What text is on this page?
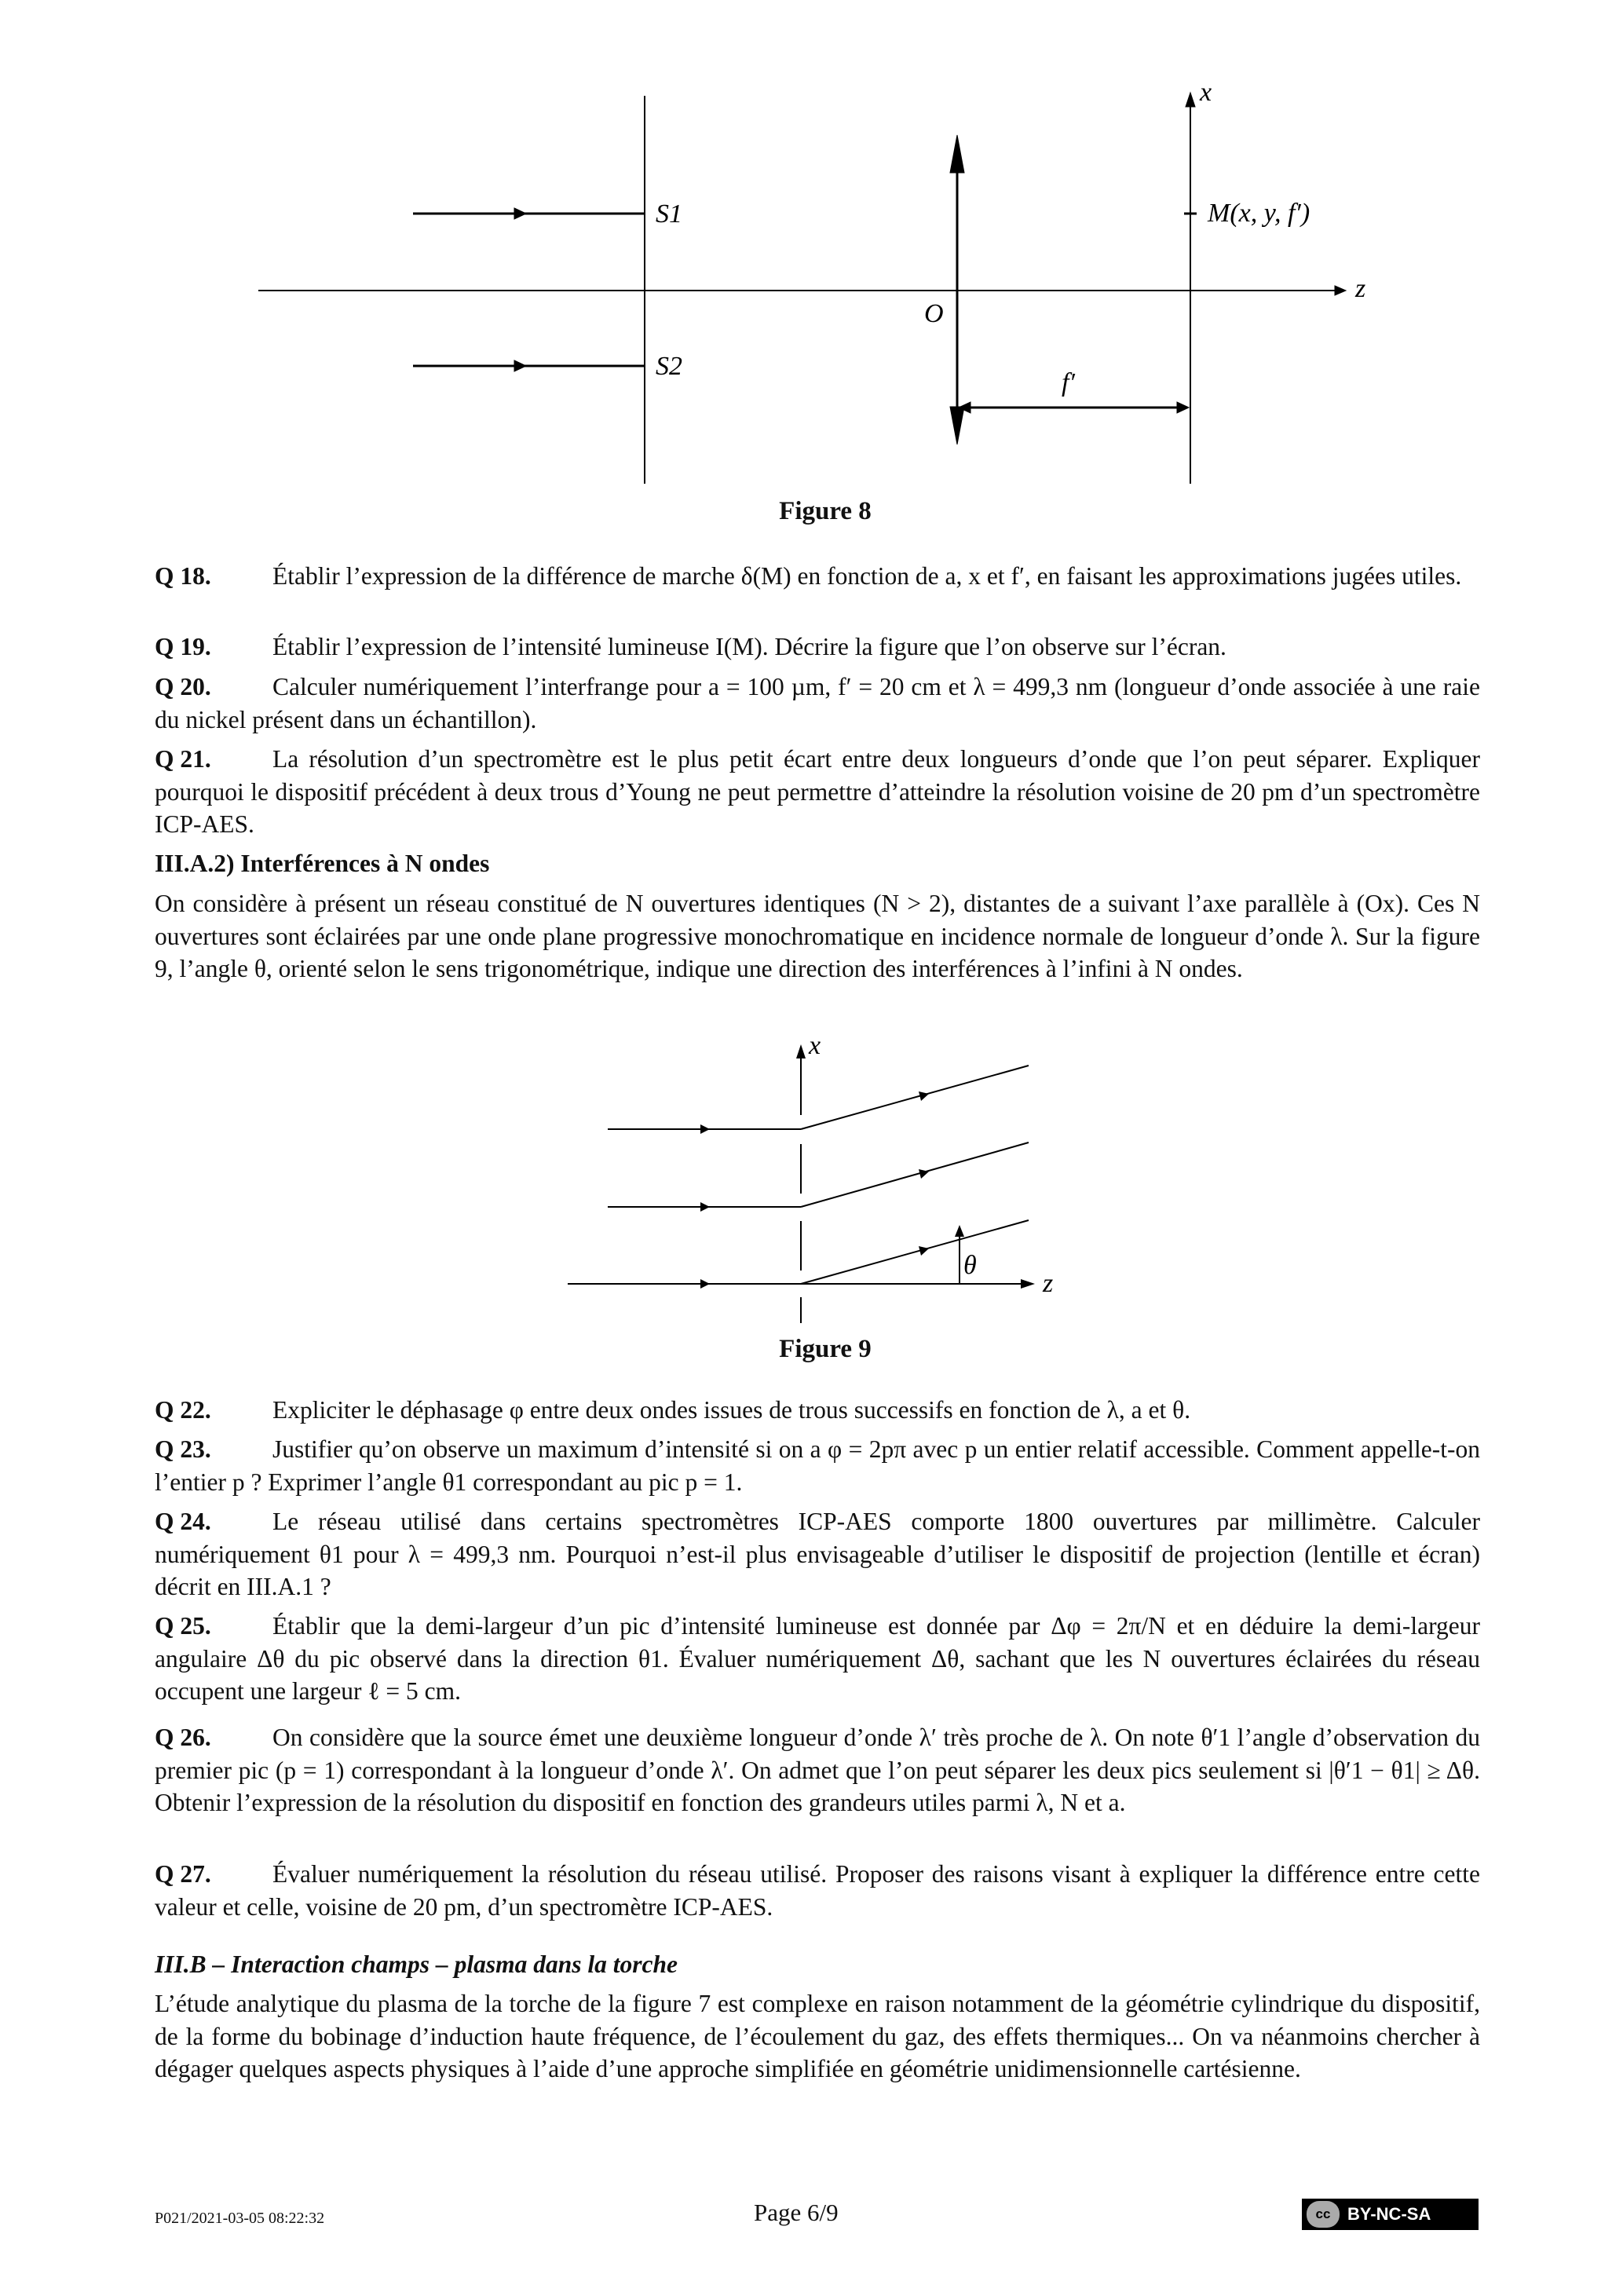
S1
S2
O
M(x, y, f′)
x
z
f′
x
z
θ
Figure 8
Figure 9
Q 18. Établir l’expression de la différence de marche δ(M) en fonction de a, x et f′, en faisant les approximations jugées utiles.
Q 19. Établir l’expression de l’intensité lumineuse I(M). Décrire la figure que l’on observe sur l’écran.
Q 20. Calculer numériquement l’interfrange pour a = 100 µm, f′ = 20 cm et λ = 499,3 nm (longueur d’onde associée à une raie du nickel présent dans un échantillon).
Q 21. La résolution d’un spectromètre est le plus petit écart entre deux longueurs d’onde que l’on peut séparer. Expliquer pourquoi le dispositif précédent à deux trous d’Young ne peut permettre d’atteindre la résolution voisine de 20 pm d’un spectromètre ICP-AES.
III.A.2) Interférences à N ondes
On considère à présent un réseau constitué de N ouvertures identiques (N > 2), distantes de a suivant l’axe parallèle à (Ox). Ces N ouvertures sont éclairées par une onde plane progressive monochromatique en incidence normale de longueur d’onde λ. Sur la figure 9, l’angle θ, orienté selon le sens trigonométrique, indique une direction des interférences à l’infini à N ondes.
Q 22. Expliciter le déphasage φ entre deux ondes issues de trous successifs en fonction de λ, a et θ.
Q 23. Justifier qu’on observe un maximum d’intensité si on a φ = 2pπ avec p un entier relatif accessible. Comment appelle-t-on l’entier p ? Exprimer l’angle θ1 correspondant au pic p = 1.
Q 24. Le réseau utilisé dans certains spectromètres ICP-AES comporte 1800 ouvertures par millimètre. Calculer numériquement θ1 pour λ = 499,3 nm. Pourquoi n’est-il plus envisageable d’utiliser le dispositif de projection (lentille et écran) décrit en III.A.1 ?
Q 25. Établir que la demi-largeur d’un pic d’intensité lumineuse est donnée par Δφ = 2π/N et en déduire la demi-largeur angulaire Δθ du pic observé dans la direction θ1. Évaluer numériquement Δθ, sachant que les N ouvertures éclairées du réseau occupent une largeur ℓ = 5 cm.
Q 26. On considère que la source émet une deuxième longueur d’onde λ′ très proche de λ. On note θ′1 l’angle d’observation du premier pic (p = 1) correspondant à la longueur d’onde λ′. On admet que l’on peut séparer les deux pics seulement si |θ′1 − θ1| ≥ Δθ. Obtenir l’expression de la résolution du dispositif en fonction des grandeurs utiles parmi λ, N et a.
Q 27. Évaluer numériquement la résolution du réseau utilisé. Proposer des raisons visant à expliquer la différence entre cette valeur et celle, voisine de 20 pm, d’un spectromètre ICP-AES.
III.B – Interaction champs – plasma dans la torche
L’étude analytique du plasma de la torche de la figure 7 est complexe en raison notamment de la géométrie cylindrique du dispositif, de la forme du bobinage d’induction haute fréquence, de l’écoulement du gaz, des effets thermiques... On va néanmoins chercher à dégager quelques aspects physiques à l’aide d’une approche simplifiée en géométrie unidimensionnelle cartésienne.
P021/2021-03-05 08:22:32	Page 6/9	cc BY-NC-SA
